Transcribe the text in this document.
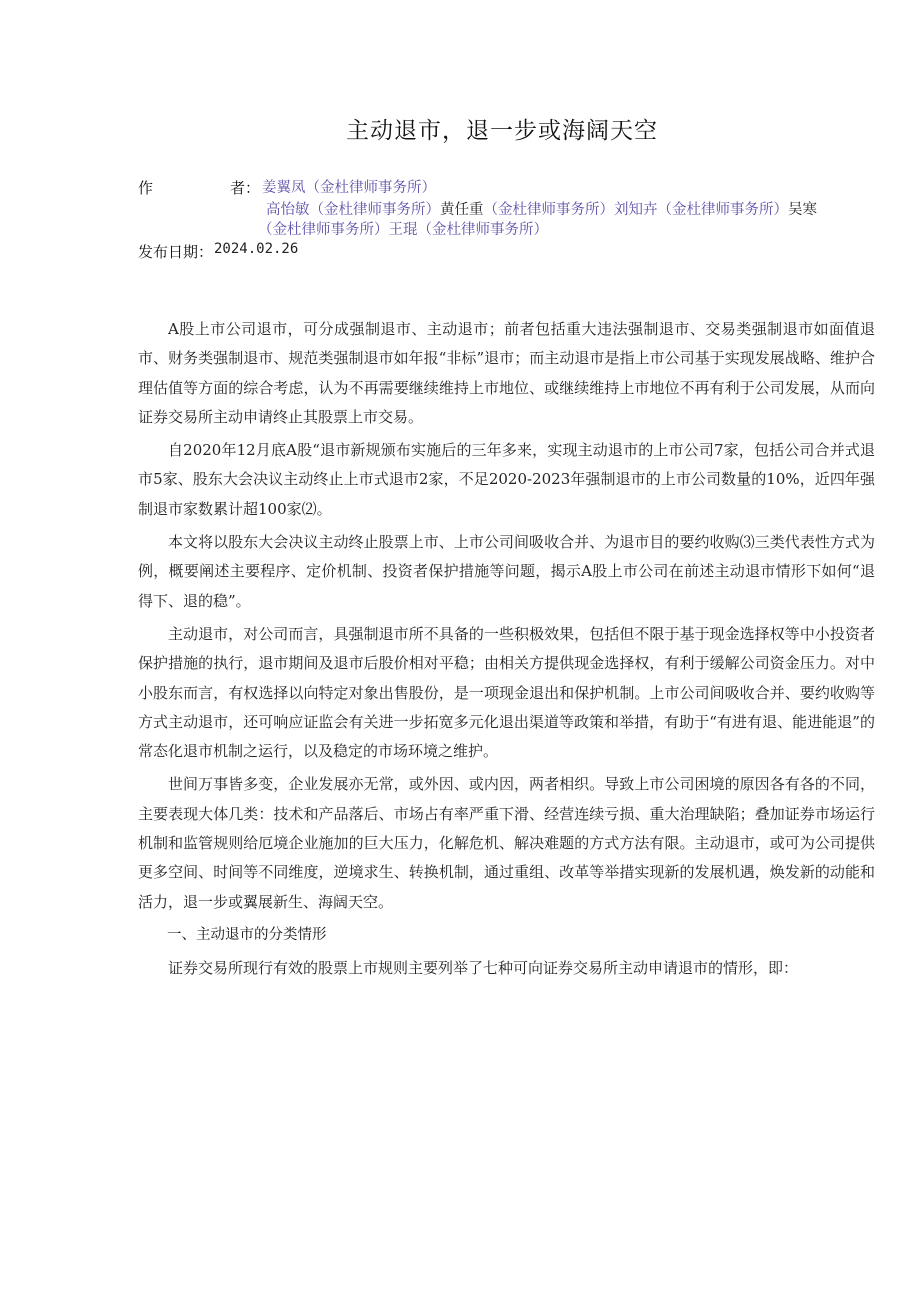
主动退市，退一步或海阔天空
作	者： 姜翼凤（金杜律师事务所）
高怡敏（金杜律师事务所）黄任重（金杜律师事务所）刘知卉（金杜律师事务所）吴寒
（金杜律师事务所）王琨（金杜律师事务所）
发布日期： 2024.02.26

A股上市公司退市，可分成强制退市、主动退市；前者包括重大违法强制退市、交易类强制退市如面值退市、财务类强制退市、规范类强制退市如年报“非标”退市；而主动退市是指上市公司基于实现发展战略、维护合理估值等方面的综合考虑，认为不再需要继续维持上市地位、或继续维持上市地位不再有利于公司发展，从而向证券交易所主动申请终止其股票上市交易。

自2020年12月底A股“退市新规颁布实施后的三年多来，实现主动退市的上市公司7家，包括公司合并式退市5家、股东大会决议主动终止上市式退市2家，不足2020-2023年强制退市的上市公司数量的10%，近四年强制退市家数累计超100家⑵。

本文将以股东大会决议主动终止股票上市、上市公司间吸收合并、为退市目的要约收购⑶三类代表性方式为例，概要阐述主要程序、定价机制、投资者保护措施等问题，揭示A股上市公司在前述主动退市情形下如何“退得下、退的稳”。

主动退市，对公司而言，具强制退市所不具备的一些积极效果，包括但不限于基于现金选择权等中小投资者保护措施的执行，退市期间及退市后股价相对平稳；由相关方提供现金选择权，有利于缓解公司资金压力。对中小股东而言，有权选择以向特定对象出售股份，是一项现金退出和保护机制。上市公司间吸收合并、要约收购等方式主动退市，还可响应证监会有关进一步拓宽多元化退出渠道等政策和举措，有助于“有进有退、能进能退”的常态化退市机制之运行，以及稳定的市场环境之维护。

世间万事皆多变，企业发展亦无常，或外因、或内因，两者相织。导致上市公司困境的原因各有各的不同，主要表现大体几类：技术和产品落后、市场占有率严重下滑、经营连续亏损、重大治理缺陷；叠加证券市场运行机制和监管规则给厄境企业施加的巨大压力，化解危机、解决难题的方式方法有限。主动退市，或可为公司提供更多空间、时间等不同维度，逆境求生、转换机制，通过重组、改革等举措实现新的发展机遇，焕发新的动能和活力，退一步或翼展新生、海阔天空。

一、主动退市的分类情形

证券交易所现行有效的股票上市规则主要列举了七种可向证券交易所主动申请退市的情形，即：
